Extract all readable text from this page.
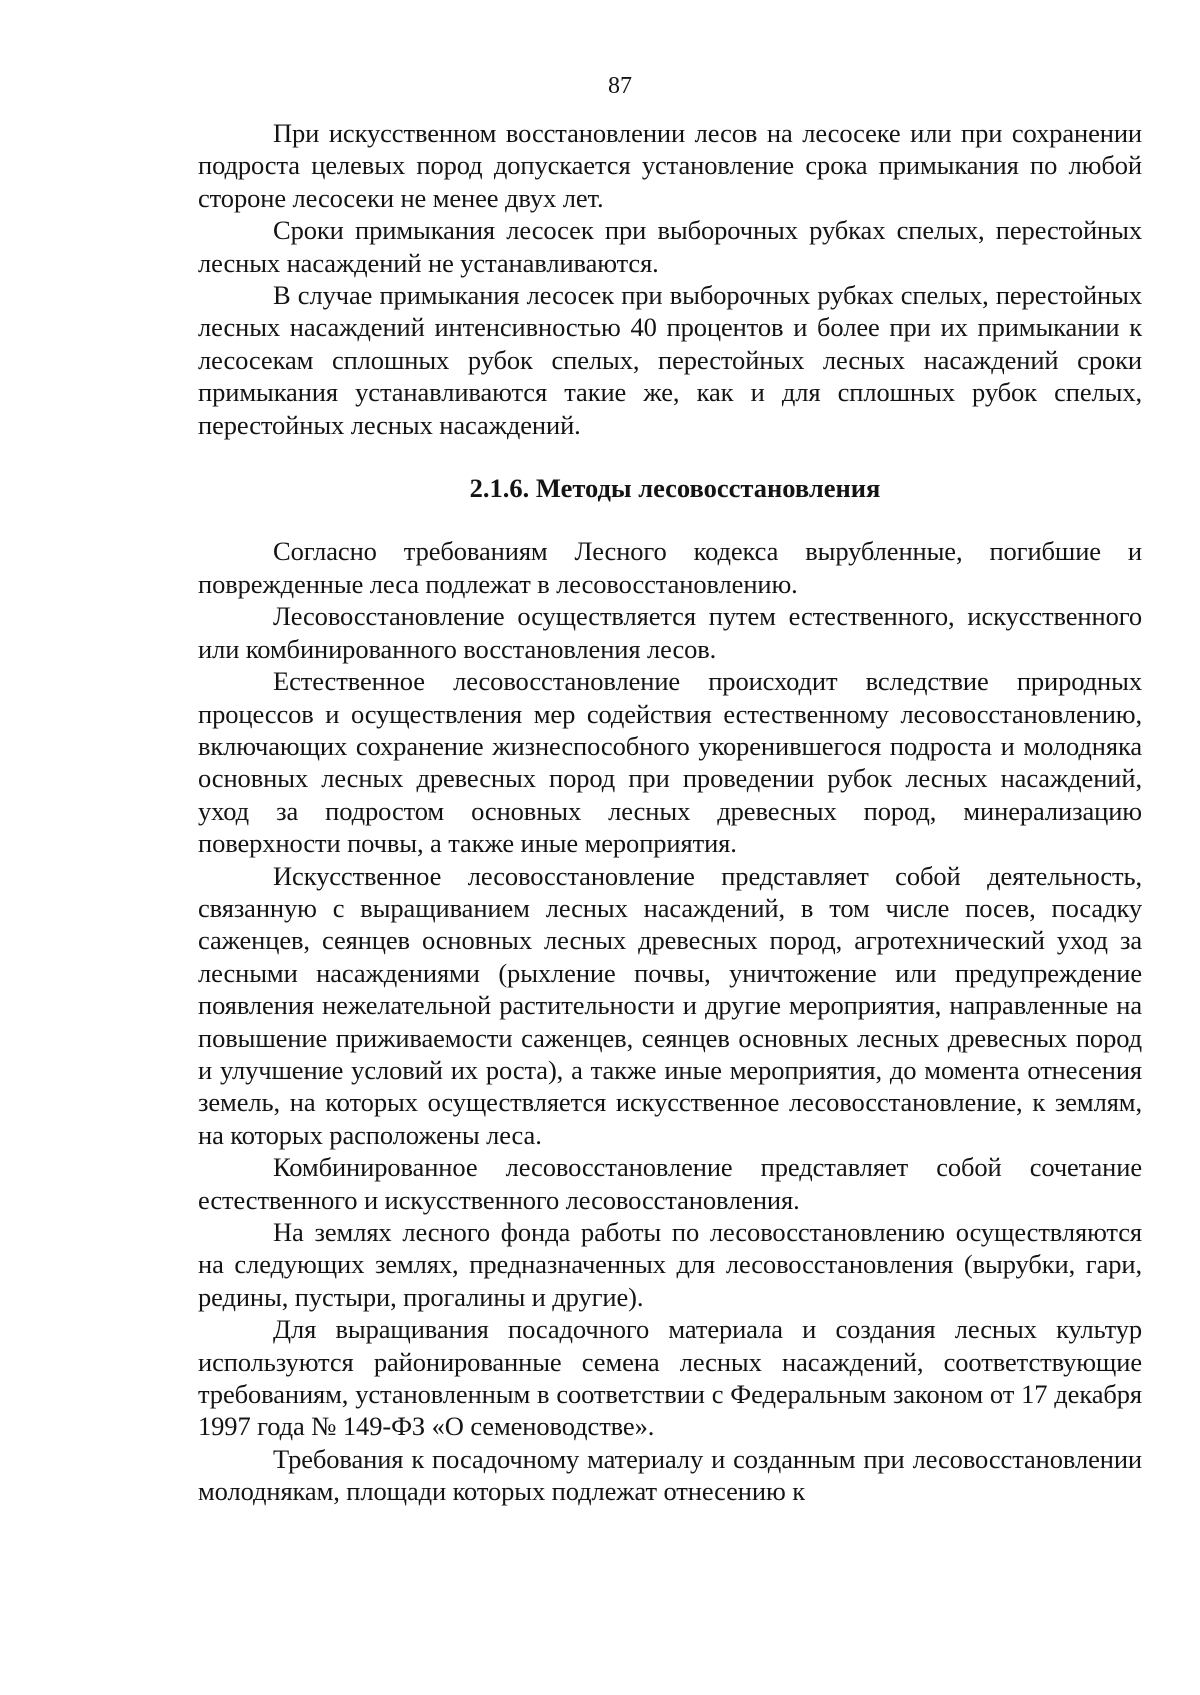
87

При искусственном восстановлении лесов на лесосеке или при сохранении подроста целевых пород допускается установление срока примыкания по любой стороне лесосеки не менее двух лет.

Сроки примыкания лесосек при выборочных рубках спелых, перестойных лесных насаждений не устанавливаются.

В случае примыкания лесосек при выборочных рубках спелых, перестойных лесных насаждений интенсивностью 40 процентов и более при их примыкании к лесосекам сплошных рубок спелых, перестойных лесных насаждений сроки примыкания устанавливаются такие же, как и для сплошных рубок спелых, перестойных лесных насаждений.

2.1.6. Методы лесовосстановления

Согласно требованиям Лесного кодекса вырубленные, погибшие и поврежденные леса подлежат в лесовосстановлению.

Лесовосстановление осуществляется путем естественного, искусственного или комбинированного восстановления лесов.

Естественное лесовосстановление происходит вследствие природных процессов и осуществления мер содействия естественному лесовосстановлению, включающих сохранение жизнеспособного укоренившегося подроста и молодняка основных лесных древесных пород при проведении рубок лесных насаждений, уход за подростом основных лесных древесных пород, минерализацию поверхности почвы, а также иные мероприятия.

Искусственное лесовосстановление представляет собой деятельность, связанную с выращиванием лесных насаждений, в том числе посев, посадку саженцев, сеянцев основных лесных древесных пород, агротехнический уход за лесными насаждениями (рыхление почвы, уничтожение или предупреждение появления нежелательной растительности и другие мероприятия, направленные на повышение приживаемости саженцев, сеянцев основных лесных древесных пород и улучшение условий их роста), а также иные мероприятия, до момента отнесения земель, на которых осуществляется искусственное лесовосстановление, к землям, на которых расположены леса.

Комбинированное лесовосстановление представляет собой сочетание естественного и искусственного лесовосстановления.

На землях лесного фонда работы по лесовосстановлению осуществляются на следующих землях, предназначенных для лесовосстановления (вырубки, гари, редины, пустыри, прогалины и другие).

Для выращивания посадочного материала и создания лесных культур используются районированные семена лесных насаждений, соответствующие требованиям, установленным в соответствии с Федеральным законом от 17 декабря 1997 года № 149-ФЗ «О семеноводстве».

Требования к посадочному материалу и созданным при лесовосстановлении молоднякам, площади которых подлежат отнесению к
